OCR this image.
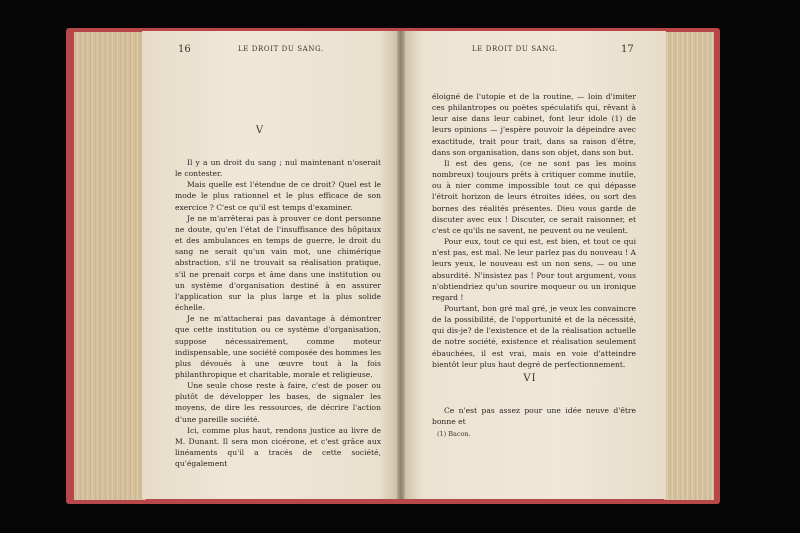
16	LE DROIT DU SANG.
V

Il y a un droit du sang ; nul maintenant n'oserait le contester.

Mais quelle est l'étendue de ce droit? Quel est le mode le plus rationnel et le plus efficace de son exercice ? C'est ce qu'il est temps d'examiner.

Je ne m'arrêterai pas à prouver ce dont personne ne doute, qu'en l'état de l'insuffisance des hôpitaux et des ambulances en temps de guerre, le droit du sang ne serait qu'un vain mot, une chimérique abstraction, s'il ne trouvait sa réalisation pratique, s'il ne prenait corps et âme dans une institution ou un système d'organisation destiné à en assurer l'application sur la plus large et la plus solide échelle.

Je ne m'attacherai pas davantage à démontrer que cette institution ou ce système d'organisation, suppose nécessairement, comme moteur indispensable, une société composée des hommes les plus dévoués à une œuvre tout à la fois philanthropique et charitable, morale et religieuse.

Une seule chose reste à faire, c'est de poser ou plutôt de développer les bases, de signaler les moyens, de dire les ressources, de décrire l'action d'une pareille société.

Ici, comme plus haut, rendons justice au livre de M. Dunant. Il sera mon cicérone, et c'est grâce aux linéaments qu'il a tracés de cette société, qu'également

LE DROIT DU SANG.	17

éloigné de l'utopie et de la routine, — loin d'imiter ces philantropes ou poètes spéculatifs qui, rêvant à leur aise dans leur cabinet, font leur idole (1) de leurs opinions — j'espère pouvoir la dépeindre avec exactitude, trait pour trait, dans sa raison d'être, dans son organisation, dans son objet, dans son but.

Il est des gens, (ce ne sont pas les moins nombreux) toujours prêts à critiquer comme inutile, ou à nier comme impossible tout ce qui dépasse l'étroit horizon de leurs étroites idées, ou sort des bornes des réalités présentes. Dieu vous garde de discuter avec eux ! Discuter, ce serait raisonner, et c'est ce qu'ils ne savent, ne peuvent ou ne veulent.

Pour eux, tout ce qui est, est bien, et tout ce qui n'est pas, est mal. Ne leur parlez pas du nouveau ! A leurs yeux, le nouveau est un non sens, — ou une absurdité. N'insistez pas ! Pour tout argument, vous n'obtiendriez qu'un sourire moqueur ou un ironique regard !

Pourtant, bon gré mal gré, je veux les convaincre de la possibilité, de l'opportunité et de la nécessité, qui dis-je? de l'existence et de la réalisation actuelle de notre société, existence et réalisation seulement ébauchées, il est vrai, mais en voie d'atteindre bientôt leur plus haut degré de perfectionnement.

VI

Ce n'est pas assez pour une idée neuve d'être bonne et

(1) Bacon.
